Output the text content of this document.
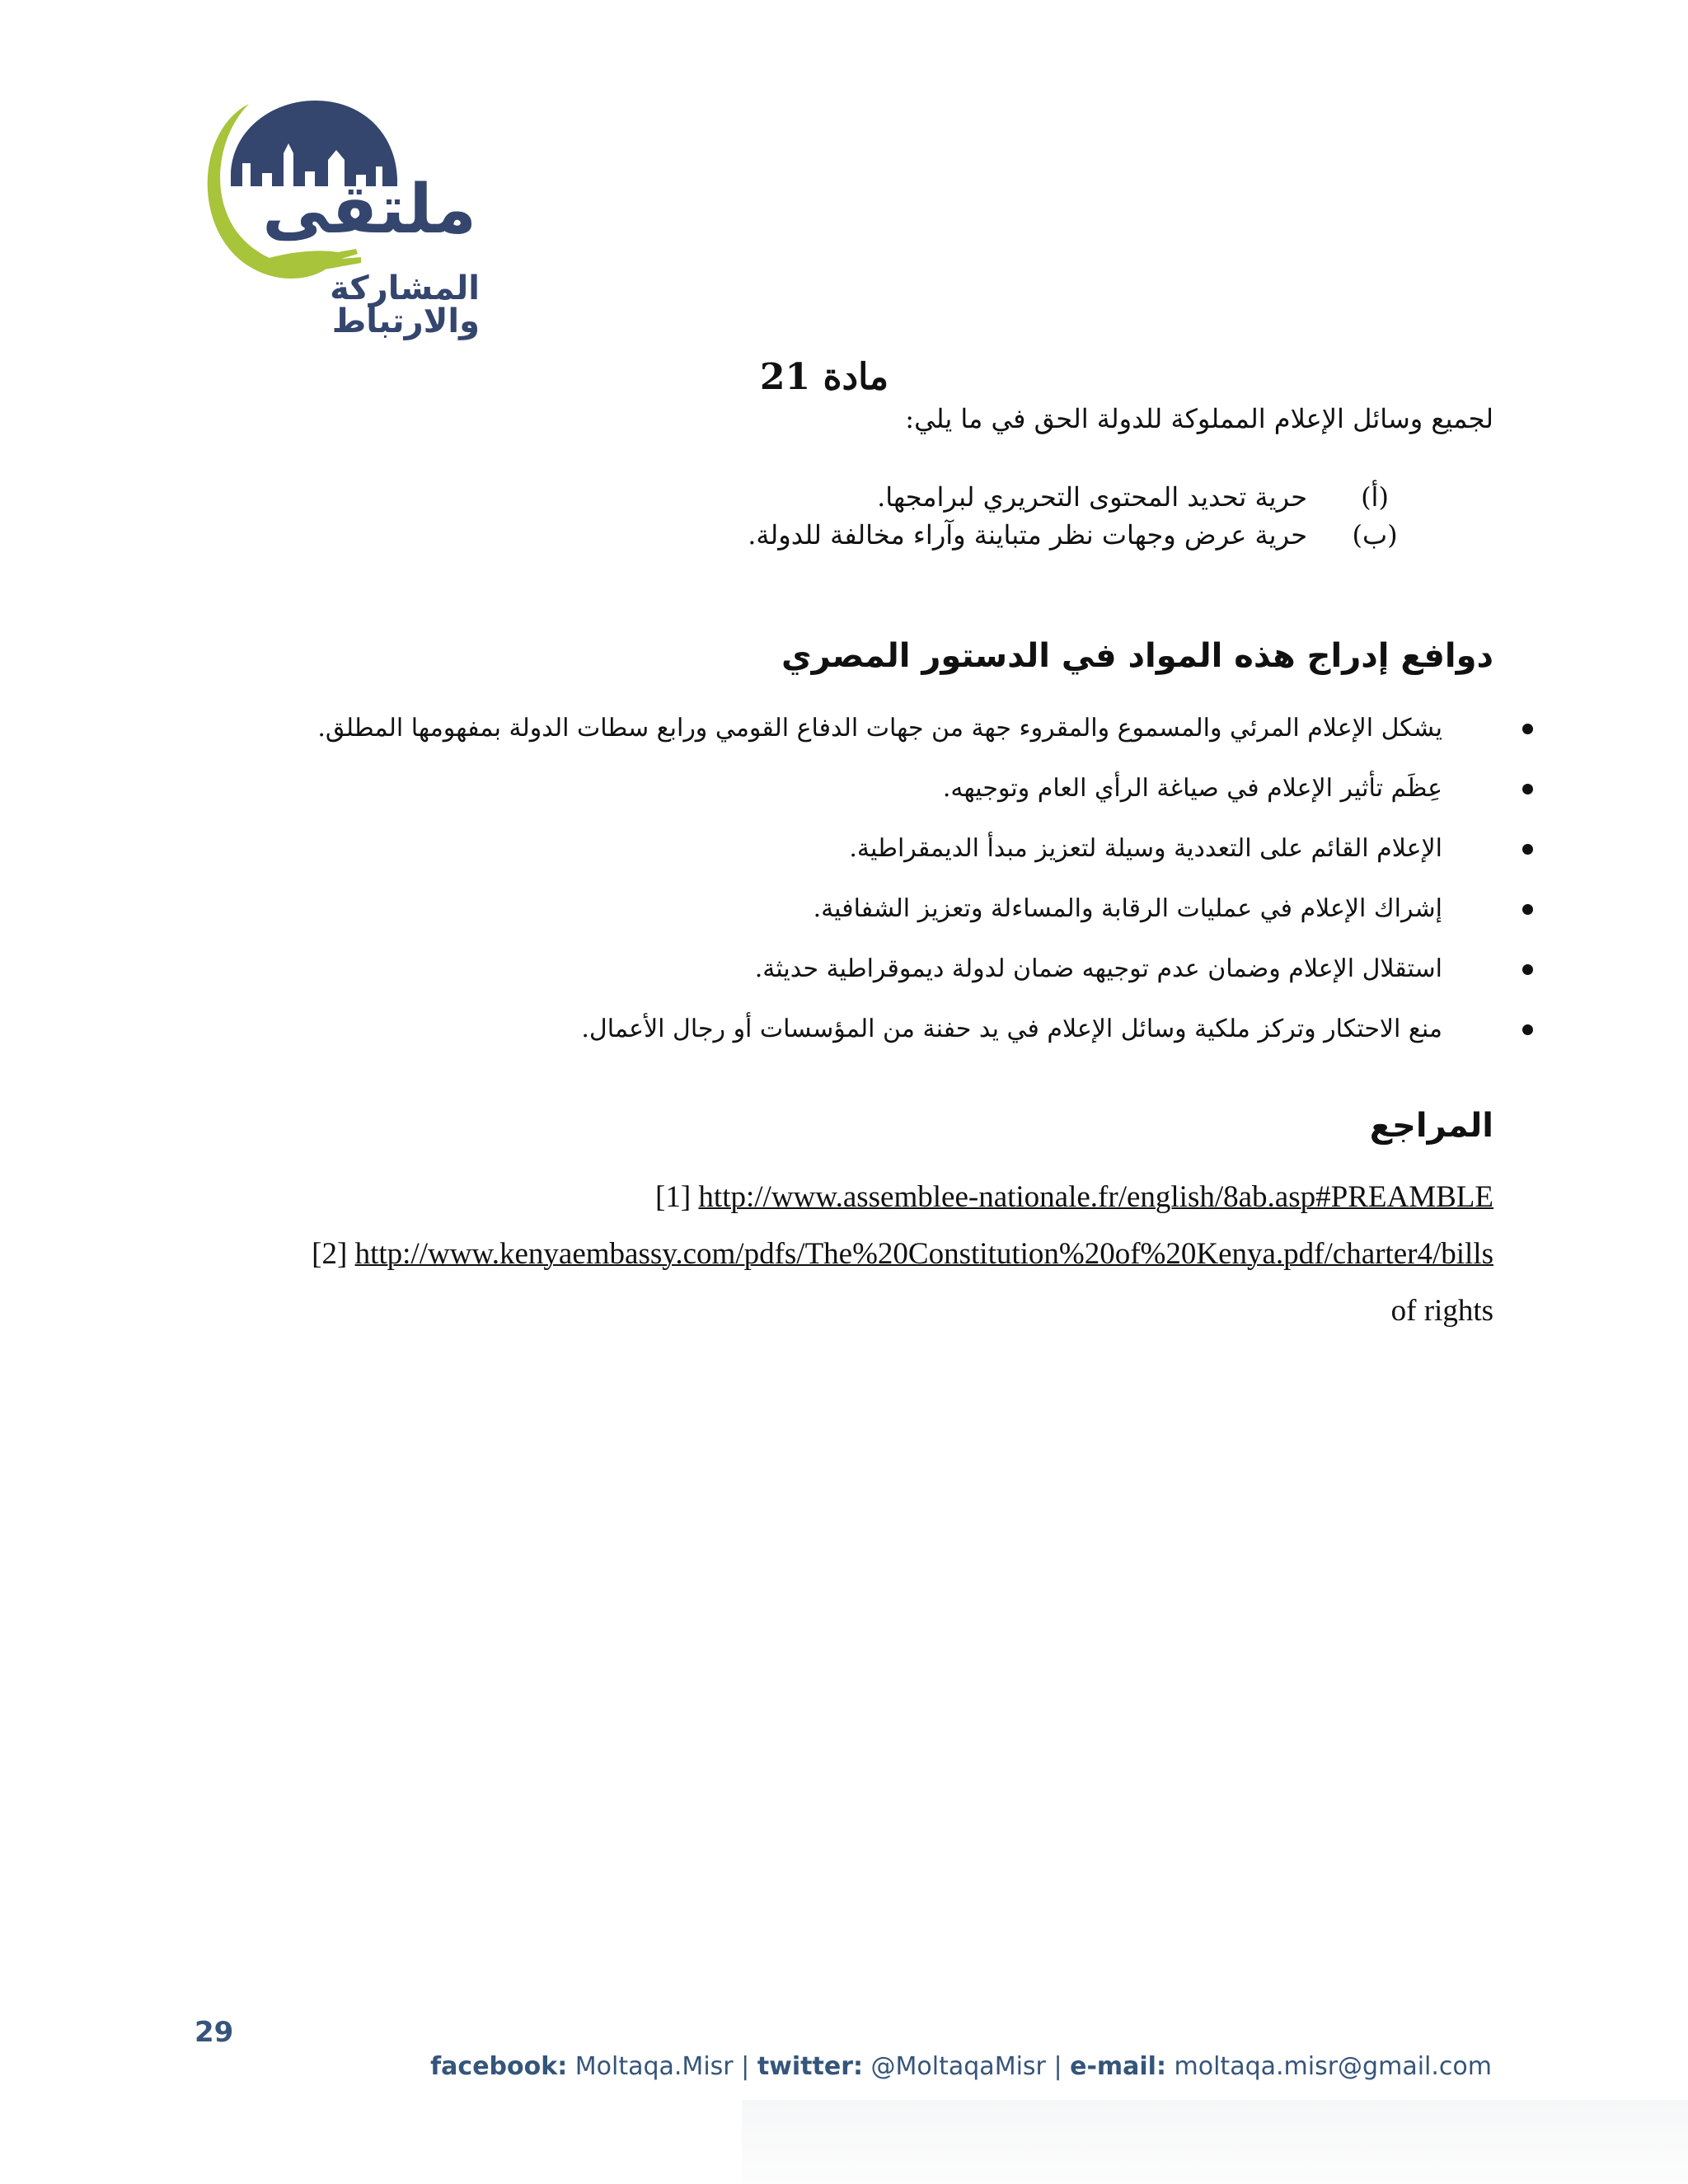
ملتقى
المشاركة والارتباط
مادة 21
لجميع وسائل الإعلام المملوكة للدولة الحق في ما يلي:
(أ)
حرية تحديد المحتوى التحريري لبرامجها.
(ب)
حرية عرض وجهات نظر متباينة وآراء مخالفة للدولة.
دوافع إدراج هذه المواد في الدستور المصري
يشكل الإعلام المرئي والمسموع والمقروء جهة من جهات الدفاع القومي ورابع سطات الدولة بمفهومها المطلق.
عِظَم تأثير الإعلام في صياغة الرأي العام وتوجيهه.
الإعلام القائم على التعددية وسيلة لتعزيز مبدأ الديمقراطية.
إشراك الإعلام في عمليات الرقابة والمساءلة وتعزيز الشفافية.
استقلال الإعلام وضمان عدم توجيهه ضمان لدولة ديموقراطية حديثة.
منع الاحتكار وتركز ملكية وسائل الإعلام في يد حفنة من المؤسسات أو رجال الأعمال.
المراجع
[1] http://www.assemblee-nationale.fr/english/8ab.asp#PREAMBLE
[2] http://www.kenyaembassy.com/pdfs/The%20Constitution%20of%20Kenya.pdf/charter4/bills
of rights
29
facebook: Moltaqa.Misr | twitter: @MoltaqaMisr | e-mail: moltaqa.misr@gmail.com
